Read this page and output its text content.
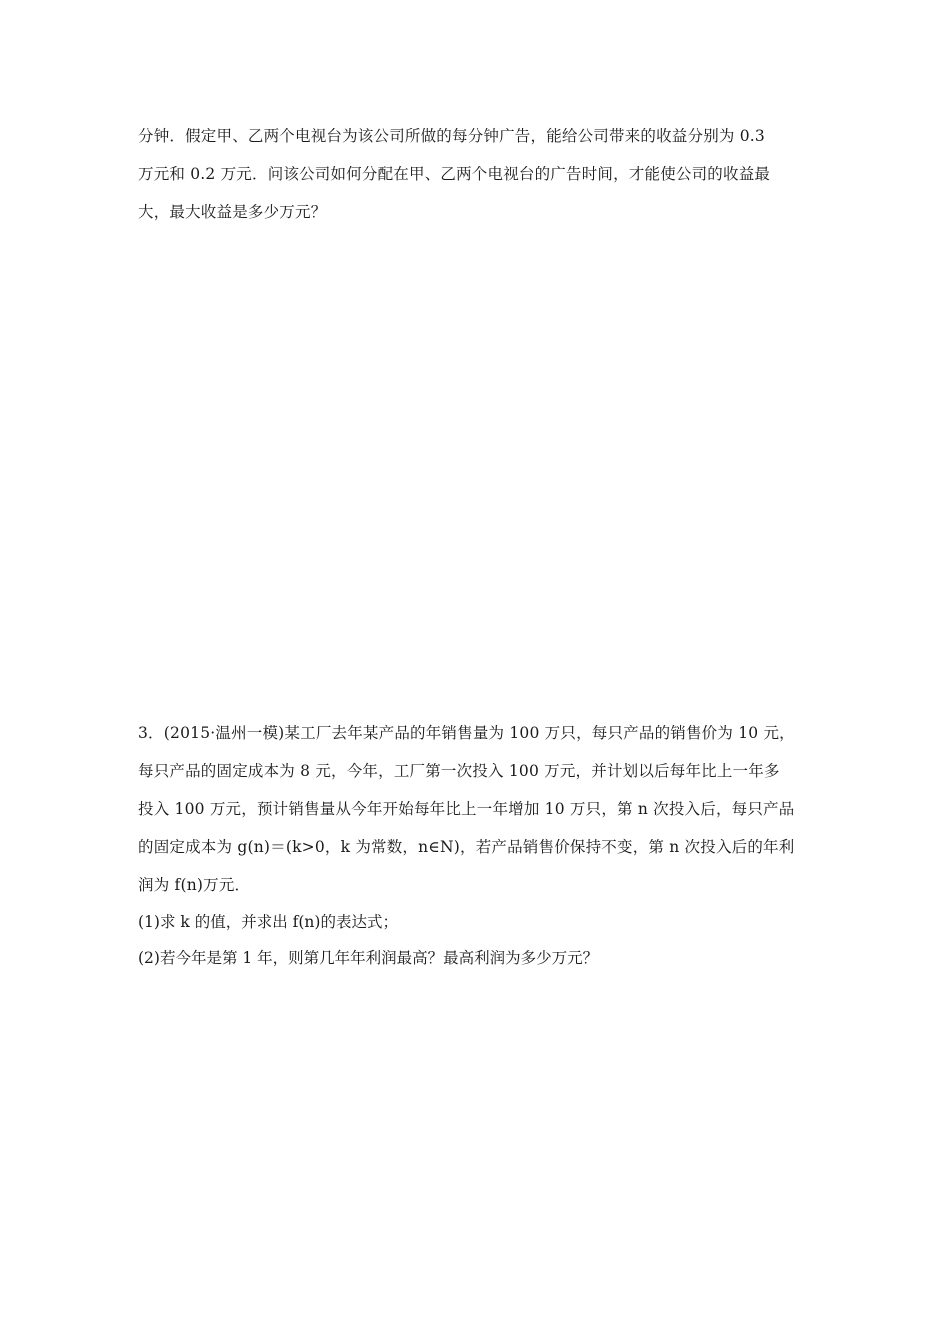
分钟．假定甲、乙两个电视台为该公司所做的每分钟广告，能给公司带来的收益分别为 0.3
万元和 0.2 万元．问该公司如何分配在甲、乙两个电视台的广告时间，才能使公司的收益最
大，最大收益是多少万元？
3．(2015·温州一模)某工厂去年某产品的年销售量为 100 万只，每只产品的销售价为 10 元，
每只产品的固定成本为 8 元，今年，工厂第一次投入 100 万元，并计划以后每年比上一年多
投入 100 万元，预计销售量从今年开始每年比上一年增加 10 万只，第 n 次投入后，每只产品
的固定成本为 g(n)＝(k>0，k 为常数，n∈N)，若产品销售价保持不变，第 n 次投入后的年利
润为 f(n)万元．
(1)求 k 的值，并求出 f(n)的表达式；
(2)若今年是第 1 年，则第几年年利润最高？最高利润为多少万元？
